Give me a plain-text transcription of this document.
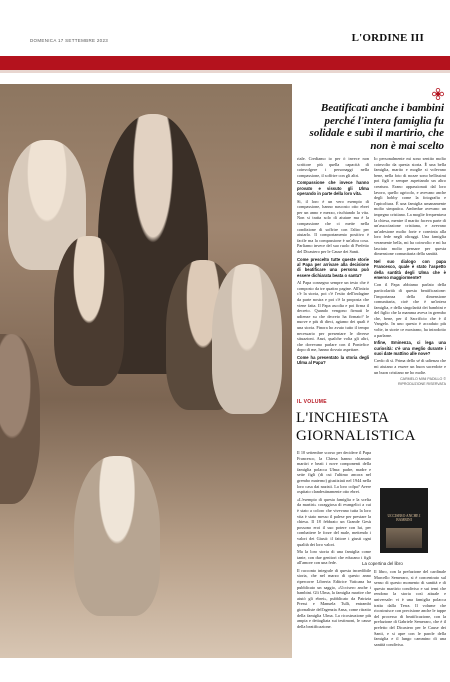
DOMENICA 17 SETTEMBRE 2023	L'ORDINE III
La famiglia Ulma ritratta dai nazisti il 24 marzo 1944 a Markowa, in Polonia
Beatificati anche i bambini perché l'intera famiglia fu solidale e subì il martirio, che non è mai scelto

riale. Crediamo io per ò invece non scrittore più quella capacità di coinvolgere i personaggi nella compassione, il soffrire con gli altri.

Compassione che invece hanno provato e vissuto gli Ulma operando in parte della loro vita.

Sì, il loro è un vero esempio di compassione, hanno nascosto otto ebrei per un anno e mezzo, rischiando la vita. Non si tratta solo di aiutare ma è la compassione che ci mette nella condizione di soffrire con l'altro per aiutarlo. Il comportamento positivo è facile ma la compassione è un'altra cosa. Parliamo invece del suo ruolo di Prefetto del Dicastero per le Cause dei Santi.

Come prescelto tutte queste storie al Papa per arrivare alla decisione di beatificare una persona può essere dichiarata beata o santa?

Al Papa consegno sempre un testo che è composto da tre quattro pagine. All'inizio c'è la storia, poi c'è l'esito dell'indagine da parte nostra e poi c'è la proposta che viene fatta. Il Papa ascolta e poi firma il decreto. Quando vengono firmati le udienze su che decreto ha firmato? le nuove e più di dieci, agiamo dei quali è una storia. Finora ho avuto tutto il tempo necessario per presentare le diverse situazioni. Anzi, qualche volta gli altri, che dovevano parlare con il Pontefice dopo di me, hanno dovuto aspettare.

Come ha presentato la storia degli Ulma al Papa?

Io personalmente mi sono sentito molto coinvolto da questa storia. È una bella famiglia, marito e moglie si volevano bene, nella foto di nozze sono bellissimi poi figli e sempre aspettando un altro creatura. Erano appassionati dal loro lavoro, quello agricolo, e avevano anche degli hobby come la fotografia e l'apicoltura. È una famiglia umanamente molto simpatica. Ambedue avevano un impegno cristiano. La moglie frequentava la chiesa, mentre il marito faceva parte di un'associazione cristiana, e avevano un'adesione molto forte e convinta alla loro fede negli oltraggi. Una famiglia veramente bella, mi ha coinvolto e mi ha lasciato molto pensare per questa dimensione comunitaria della santità.

Nel suo dialogo con papa Francesco, quale è stato l'aspetto della santità degli Ulma che è emerso maggiormente?

Con il Papa abbiamo parlato della particolarità di questa beatificazione: l'importanza della dimensione comunitaria, cioè che è un'intera famiglia, e della singolarità dei bambini e del figlio che la mamma aveva in grembo che, bene, per il Sacrificio che è il Vangelo. In uno questo è accaduto più volte, in storie ce mostrano, ha introdotto a parlarne.

Infine, Eminenza, ci lega una curiosità: c'è una meglio durante i suoi date mattino alle nove?

Credo di sì. Prima dello sé di udienza che mi aiutano a essere un buon sacerdote e un buon cristiano ne ho molte.

CARMELO MINI PADILLO © RIPRODUZIONE RISERVATA
IL VOLUME
L'INCHIESTA
GIORNALISTICA

Il 10 settembre scorso per decidere il Papa Francesco, la Chiesa hanno chiamato martiri e beati i nove componenti della famiglia polacca Ulma: padre, madre e sette figli (di cui l'ultimo ancora nel grembo materno) giustiziati nel 1944 nella loro casa dai nazisti. La loro colpa? Avere ospitato clandestinamente otto ebrei.

«L'esempio di questa famiglia e la scelta da martiri» coraggiosa di evangelici a cui è stato a coloro che vivevano tutta la loro vita è stato messo il palese per prestare la chiesa. Il 18 febbraio un Grande Gesù possono eroi il suo potere con lui, per combattere le forze del male, mettendo i valori dei Giusti: il fattore i giusti ogni qualità dei loro valori.

Ma la loro storia di una famiglia come tante, con due genitori che educano i figli all'amore con una fede.

Il racconto integrale di questa incredibile storia, che nel marzo di questo anno ripercorre Libreria Editrice Vaticana ha pubblicato un saggio, «Uccisero anche i bambini. Gli Ulma, la famiglia martire che aiutò gli ebrei», pubblicato da Patrizia Pressi e Manuela Tulli, entrambi giornaliste dell'agenzia Ansa, come ritratto della famiglia Ulma. La ricostruzione più ampia e dettagliata sui testimoni, le cause della beatificazione.

UCCISERO ANCHE I BAMBINI
La copertina del libro

Il libro, con la prefazione del cardinale Marcello Semeraro, si è concentrato sul senso di questo momento di santità e di questo martirio condiviso e sui temi che rendono la storia così attuale e universale: vi è una famiglia polacca tratta dalla Terra. Il volume che ricostruisce con precisione anche le tappe del processo di beatificazione, con la prefazione di Gabriele Semeraro, che è il prefetto del Dicastero per le Cause dei Santi, e si apre con le parole della famiglia e il lungo cammino di una santità condivisa.
